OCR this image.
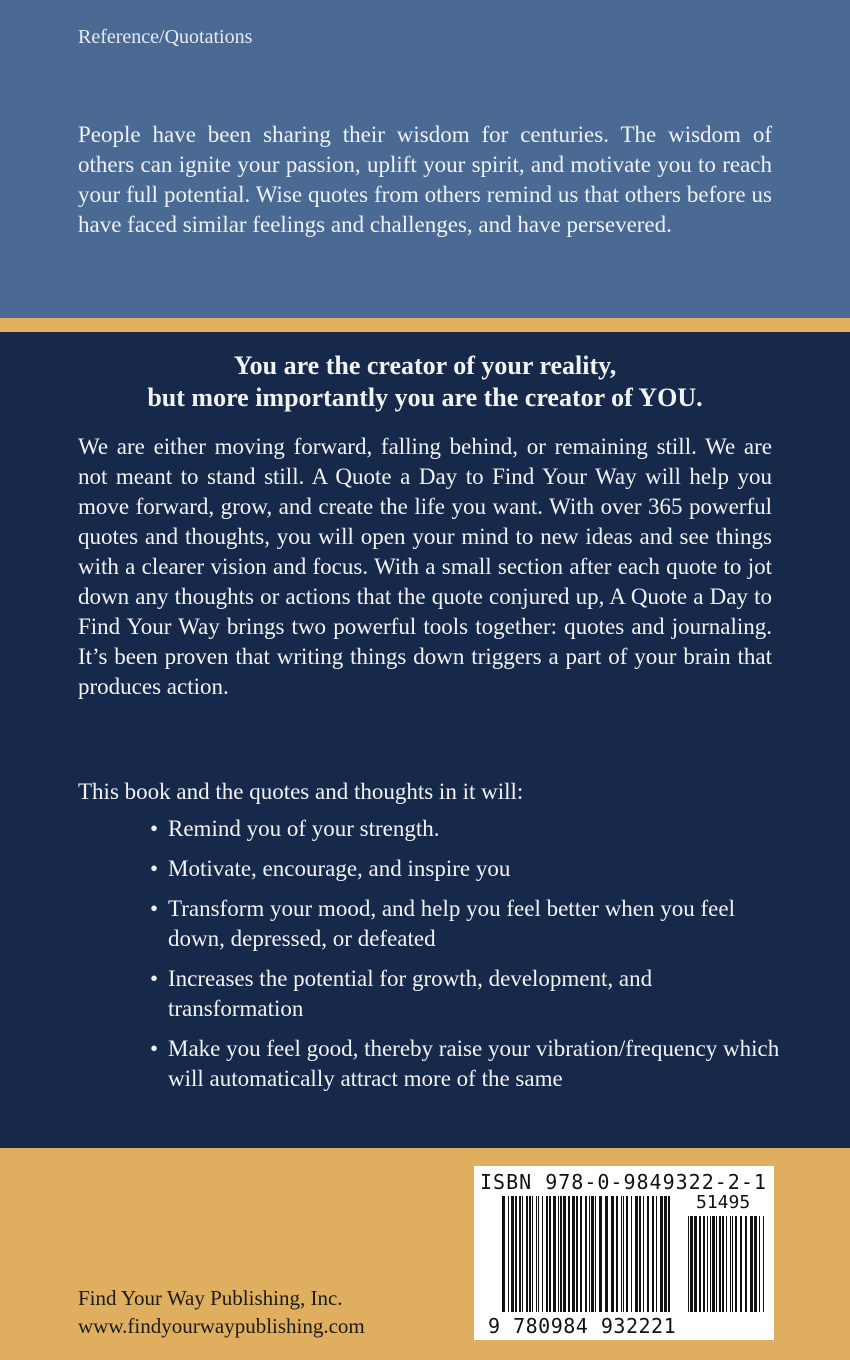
Reference/Quotations
People have been sharing their wisdom for centuries. The wisdom of others can ignite your passion, uplift your spirit, and motivate you to reach your full potential. Wise quotes from others remind us that others before us have faced similar feelings and challenges, and have persevered.
You are the creator of your reality,
but more importantly you are the creator of YOU.
We are either moving forward, falling behind, or remaining still. We are not meant to stand still. A Quote a Day to Find Your Way will help you move forward, grow, and create the life you want. With over 365 powerful quotes and thoughts, you will open your mind to new ideas and see things with a clearer vision and focus. With a small section after each quote to jot down any thoughts or actions that the quote conjured up, A Quote a Day to Find Your Way brings two powerful tools together: quotes and journaling. It’s been proven that writing things down triggers a part of your brain that produces action.
This book and the quotes and thoughts in it will:
• Remind you of your strength.
• Motivate, encourage, and inspire you
• Transform your mood, and help you feel better when you feel down, depressed, or defeated
• Increases the potential for growth, development, and transformation
• Make you feel good, thereby raise your vibration/frequency which will automatically attract more of the same
Find Your Way Publishing, Inc.
www.findyourwaypublishing.com
ISBN 978-0-9849322-2-1
51495
9 780984 932221
